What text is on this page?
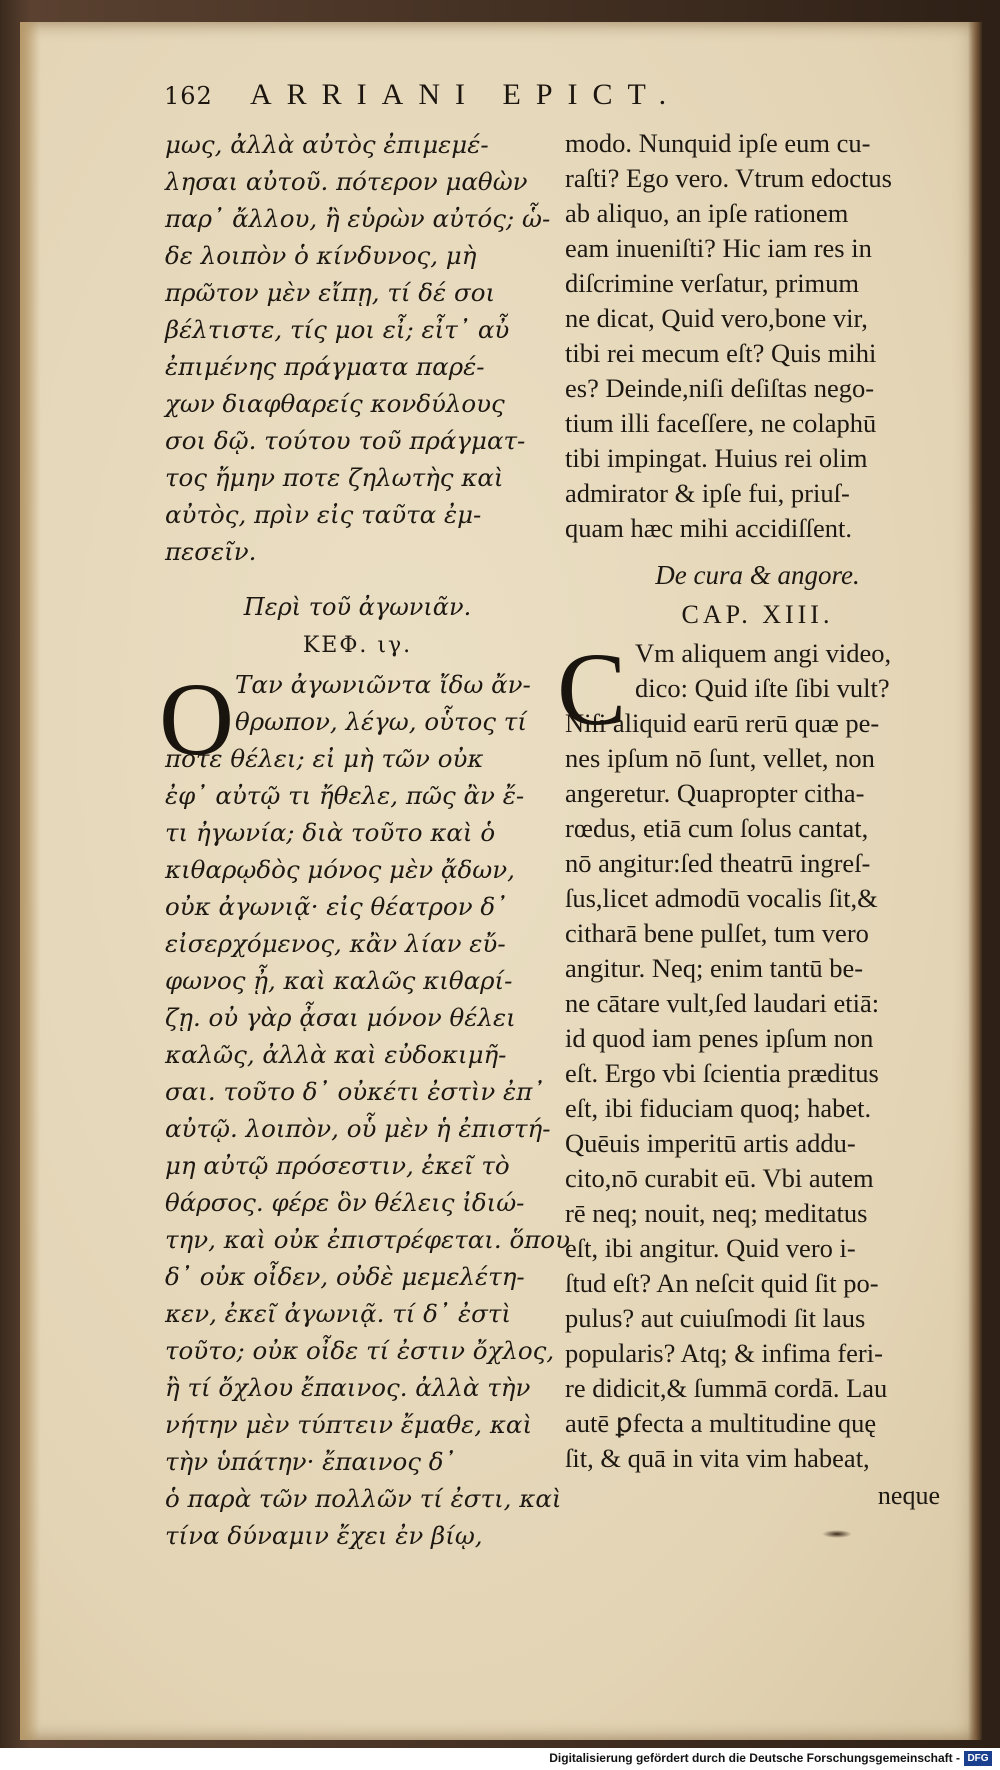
162 ARRIANI EPICT.
μως, ἀλλὰ αὐτὸς ἐπιμεμέ-
λησαι αὐτοῦ. πότερον μαθὼν
παρ᾽ ἄλλου, ἢ εὑρὼν αὐτός; ὧ-
δε λοιπὸν ὁ κίνδυνος, μὴ
πρῶτον μὲν εἴπῃ, τί δέ σοι
βέλτιστε, τίς μοι εἶ; εἶτ᾽ αὖ
ἐπιμένης πράγματα παρέ-
χων διαφθαρείς κονδύλους
σοι δῷ. τούτου τοῦ πράγματ-
τος ἤμην ποτε ζηλωτὴς καὶ
αὐτὸς, πρὶν εἰς ταῦτα ἐμ-
πεσεῖν.
Περὶ τοῦ ἀγωνιᾶν.
ΚΕΦ. ιγ.
Ο Ταν ἀγωνιῶντα ἴδω ἄν-
θρωπον, λέγω, οὗτος τί
ποτε θέλει; εἰ μὴ τῶν οὐκ
ἐφ᾽ αὐτῷ τι ἤθελε, πῶς ἂν ἔ-
τι ἠγωνία; διὰ τοῦτο καὶ ὁ
κιθαρῳδὸς μόνος μὲν ᾄδων,
οὐκ ἀγωνιᾷ· εἰς θέατρον δ᾽
εἰσερχόμενος, κἂν λίαν εὔ-
φωνος ᾖ, καὶ καλῶς κιθαρί-
ζῃ. οὐ γὰρ ᾆσαι μόνον θέλει
καλῶς, ἀλλὰ καὶ εὐδοκιμῆ-
σαι. τοῦτο δ᾽ οὐκέτι ἐστὶν ἐπ᾽
αὐτῷ. λοιπὸν, οὗ μὲν ἡ ἐπιστή-
μη αὐτῷ πρόσεστιν, ἐκεῖ τὸ
θάρσος. φέρε ὃν θέλεις ἰδιώ-
την, καὶ οὐκ ἐπιστρέφεται. ὅπου
δ᾽ οὐκ οἶδεν, οὐδὲ μεμελέτη-
κεν, ἐκεῖ ἀγωνιᾷ. τί δ᾽ ἐστὶ
τοῦτο; οὐκ οἶδε τί ἐστιν ὄχλος,
ἢ τί ὄχλου ἔπαινος. ἀλλὰ τὴν
νήτην μὲν τύπτειν ἔμαθε, καὶ
τὴν ὑπάτην· ἔπαινος δ᾽
ὁ παρὰ τῶν πολλῶν τί ἐστι, καὶ
τίνα δύναμιν ἔχει ἐν βίῳ,
modo. Nunquid ipſe eum cu-
raſti? Ego vero. Vtrum edoctus
ab aliquo, an ipſe rationem
eam inueniſti? Hic iam res in
diſcrimine verſatur, primum
ne dicat, Quid vero,bone vir,
tibi rei mecum eſt? Quis mihi
es? Deinde,niſi deſiſtas nego-
tium illi faceſſere, ne colaphū
tibi impingat. Huius rei olim
admirator & ipſe fui, priuſ-
quam hæc mihi accidiſſent.
De cura & angore.
CAP. XIII.
C Vm aliquem angi video,
dico: Quid iſte ſibi vult?
Niſi aliquid earū rerū quæ pe-
nes ipſum nō ſunt, vellet, non
angeretur. Quapropter citha-
rœdus, etiā cum ſolus cantat,
nō angitur:ſed theatrū ingreſ-
ſus,licet admodū vocalis ſit,&
citharā bene pulſet, tum vero
angitur. Neq; enim tantū be-
ne cātare vult,ſed laudari etiā:
id quod iam penes ipſum non
eſt. Ergo vbi ſcientia præditus
eſt, ibi fiduciam quoq; habet.
Quēuis imperitū artis addu-
cito,nō curabit eū. Vbi autem
rē neq; nouit, neq; meditatus
eſt, ibi angitur. Quid vero i-
ſtud eſt? An neſcit quid ſit po-
pulus? aut cuiuſmodi ſit laus
popularis? Atq; & infima feri-
re didicit,& ſummā cordā. Lau
autē ꝑfecta a multitudine quę
ſit, & quā in vita vim habeat,
neque
Digitalisierung gefördert durch die Deutsche Forschungsgemeinschaft - DFG
